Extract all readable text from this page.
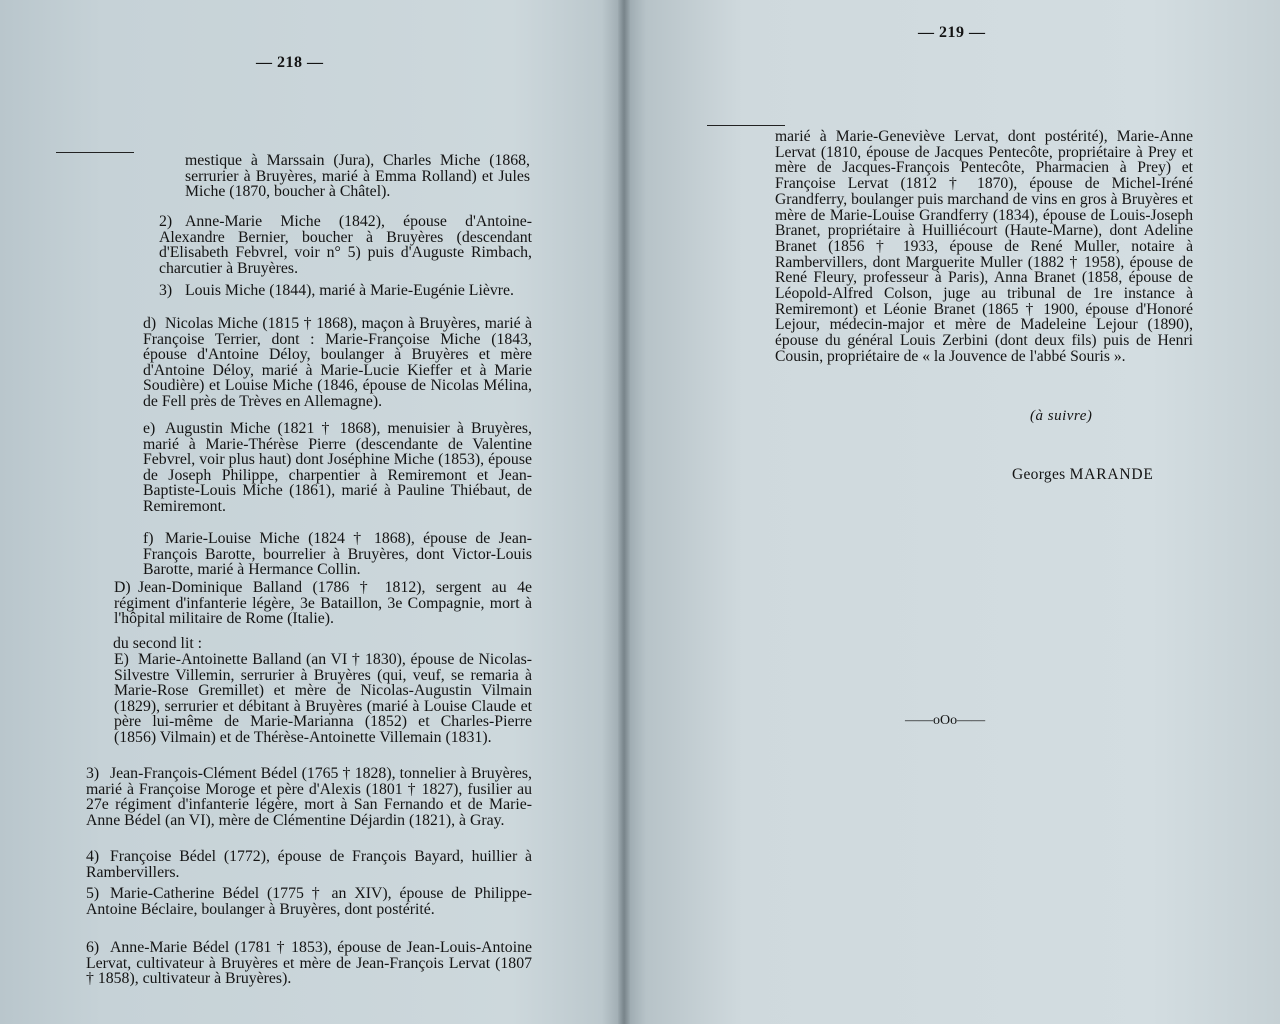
— 218 —
mestique à Marssain (Jura), Charles Miche (1868, serrurier à Bruyères, marié à Emma Rolland) et Jules Miche (1870, boucher à Châtel).
2) Anne-Marie Miche (1842), épouse d'Antoine-Alexandre Bernier, boucher à Bruyères (descendant d'Elisabeth Febvrel, voir n° 5) puis d'Auguste Rimbach, charcutier à Bruyères.
3) Louis Miche (1844), marié à Marie-Eugénie Lièvre.
d) Nicolas Miche (1815 † 1868), maçon à Bruyères, marié à Françoise Terrier, dont : Marie-Françoise Miche (1843, épouse d'Antoine Déloy, boulanger à Bruyères et mère d'Antoine Déloy, marié à Marie-Lucie Kieffer et à Marie Soudière) et Louise Miche (1846, épouse de Nicolas Mélina, de Fell près de Trèves en Allemagne).
e) Augustin Miche (1821 † 1868), menuisier à Bruyères, marié à Marie-Thérèse Pierre (descendante de Valentine Febvrel, voir plus haut) dont Joséphine Miche (1853), épouse de Joseph Philippe, charpentier à Remiremont et Jean-Baptiste-Louis Miche (1861), marié à Pauline Thiébaut, de Remiremont.
f) Marie-Louise Miche (1824 † 1868), épouse de Jean-François Barotte, bourrelier à Bruyères, dont Victor-Louis Barotte, marié à Hermance Collin.
D) Jean-Dominique Balland (1786 † 1812), sergent au 4e régiment d'infanterie légère, 3e Bataillon, 3e Compagnie, mort à l'hôpital militaire de Rome (Italie).
du second lit :
E) Marie-Antoinette Balland (an VI † 1830), épouse de Nicolas-Silvestre Villemin, serrurier à Bruyères (qui, veuf, se remaria à Marie-Rose Gremillet) et mère de Nicolas-Augustin Vilmain (1829), serrurier et débitant à Bruyères (marié à Louise Claude et père lui-même de Marie-Marianna (1852) et Charles-Pierre (1856) Vilmain) et de Thérèse-Antoinette Villemain (1831).
3) Jean-François-Clément Bédel (1765 † 1828), tonnelier à Bruyères, marié à Françoise Moroge et père d'Alexis (1801 † 1827), fusilier au 27e régiment d'infanterie légère, mort à San Fernando et de Marie-Anne Bédel (an VI), mère de Clémentine Déjardin (1821), à Gray.
4) Françoise Bédel (1772), épouse de François Bayard, huillier à Rambervillers.
5) Marie-Catherine Bédel (1775 † an XIV), épouse de Philippe-Antoine Béclaire, boulanger à Bruyères, dont postérité.
6) Anne-Marie Bédel (1781 † 1853), épouse de Jean-Louis-Antoine Lervat, cultivateur à Bruyères et mère de Jean-François Lervat (1807 † 1858), cultivateur à Bruyères).
— 219 —
marié à Marie-Geneviève Lervat, dont postérité), Marie-Anne Lervat (1810, épouse de Jacques Pentecôte, propriétaire à Prey et mère de Jacques-François Pentecôte, Pharmacien à Prey) et Françoise Lervat (1812 † 1870), épouse de Michel-Iréné Grandferry, boulanger puis marchand de vins en gros à Bruyères et mère de Marie-Louise Grandferry (1834), épouse de Louis-Joseph Branet, propriétaire à Huilliécourt (Haute-Marne), dont Adeline Branet (1856 † 1933, épouse de René Muller, notaire à Rambervillers, dont Marguerite Muller (1882 † 1958), épouse de René Fleury, professeur à Paris), Anna Branet (1858, épouse de Léopold-Alfred Colson, juge au tribunal de 1re instance à Remiremont) et Léonie Branet (1865 † 1900, épouse d'Honoré Lejour, médecin-major et mère de Madeleine Lejour (1890), épouse du général Louis Zerbini (dont deux fils) puis de Henri Cousin, propriétaire de « la Jouvence de l'abbé Souris ».
(à suivre)
Georges MARANDE
——oOo——
